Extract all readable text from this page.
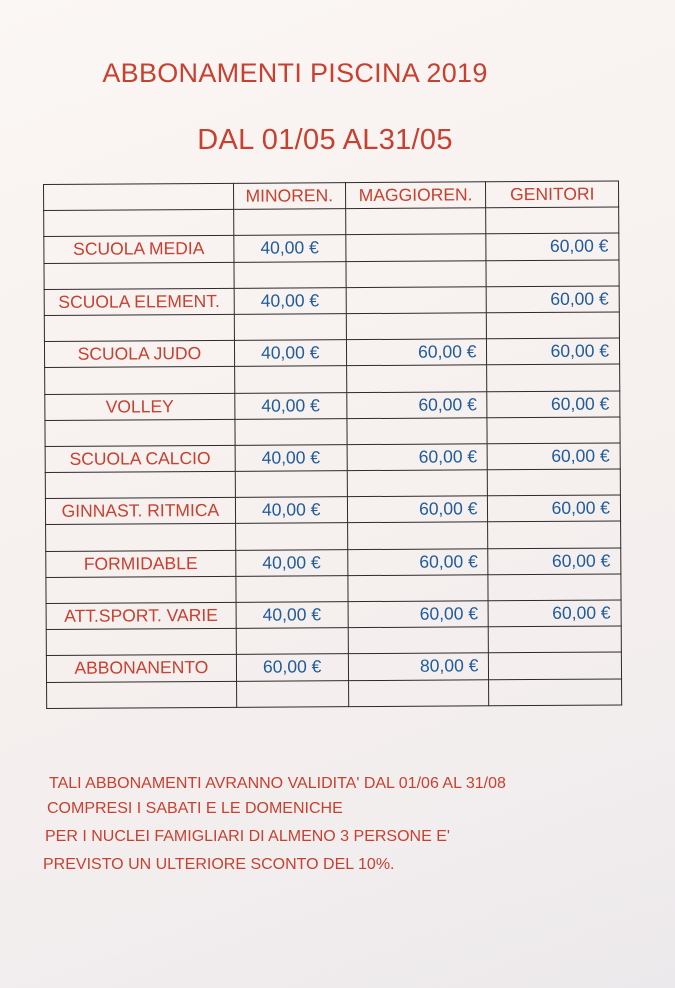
ABBONAMENTI PISCINA 2019
DAL 01/05 AL31/05
	MINOREN.	MAGGIOREN.	GENITORI

SCUOLA MEDIA	40,00 €		60,00 €

SCUOLA ELEMENT.	40,00 €		60,00 €

SCUOLA JUDO	40,00 €	60,00 €	60,00 €

VOLLEY	40,00 €	60,00 €	60,00 €

SCUOLA CALCIO	40,00 €	60,00 €	60,00 €

GINNAST. RITMICA	40,00 €	60,00 €	60,00 €

FORMIDABLE	40,00 €	60,00 €	60,00 €

ATT.SPORT. VARIE	40,00 €	60,00 €	60,00 €

ABBONANENTO	60,00 €	80,00 €	

TALI ABBONAMENTI AVRANNO VALIDITA' DAL 01/06 AL 31/08
COMPRESI I SABATI E LE DOMENICHE
PER I NUCLEI FAMIGLIARI DI ALMENO 3 PERSONE E'
PREVISTO UN ULTERIORE SCONTO DEL 10%.
